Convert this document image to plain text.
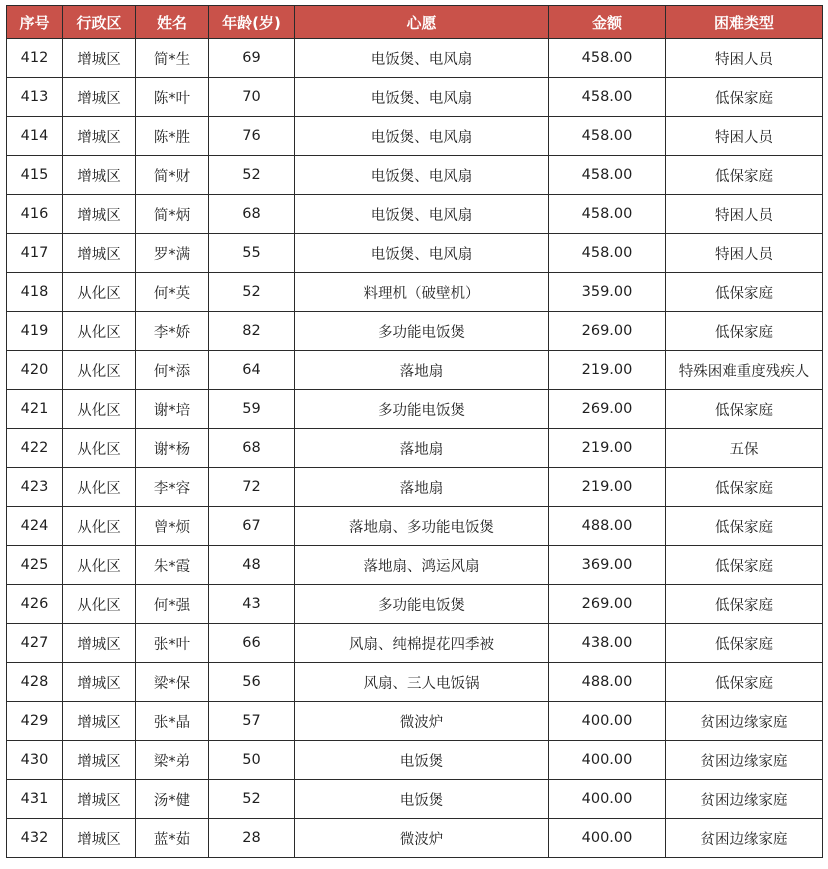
序号	行政区	姓名	年龄(岁)	心愿	金额	困难类型
412	增城区	简*生	69	电饭煲、电风扇	458.00	特困人员
413	增城区	陈*叶	70	电饭煲、电风扇	458.00	低保家庭
414	增城区	陈*胜	76	电饭煲、电风扇	458.00	特困人员
415	增城区	简*财	52	电饭煲、电风扇	458.00	低保家庭
416	增城区	简*炳	68	电饭煲、电风扇	458.00	特困人员
417	增城区	罗*满	55	电饭煲、电风扇	458.00	特困人员
418	从化区	何*英	52	料理机（破壁机）	359.00	低保家庭
419	从化区	李*娇	82	多功能电饭煲	269.00	低保家庭
420	从化区	何*添	64	落地扇	219.00	特殊困难重度残疾人
421	从化区	谢*培	59	多功能电饭煲	269.00	低保家庭
422	从化区	谢*杨	68	落地扇	219.00	五保
423	从化区	李*容	72	落地扇	219.00	低保家庭
424	从化区	曾*烦	67	落地扇、多功能电饭煲	488.00	低保家庭
425	从化区	朱*霞	48	落地扇、鸿运风扇	369.00	低保家庭
426	从化区	何*强	43	多功能电饭煲	269.00	低保家庭
427	增城区	张*叶	66	风扇、纯棉提花四季被	438.00	低保家庭
428	增城区	梁*保	56	风扇、三人电饭锅	488.00	低保家庭
429	增城区	张*晶	57	微波炉	400.00	贫困边缘家庭
430	增城区	梁*弟	50	电饭煲	400.00	贫困边缘家庭
431	增城区	汤*健	52	电饭煲	400.00	贫困边缘家庭
432	增城区	蓝*茹	28	微波炉	400.00	贫困边缘家庭
